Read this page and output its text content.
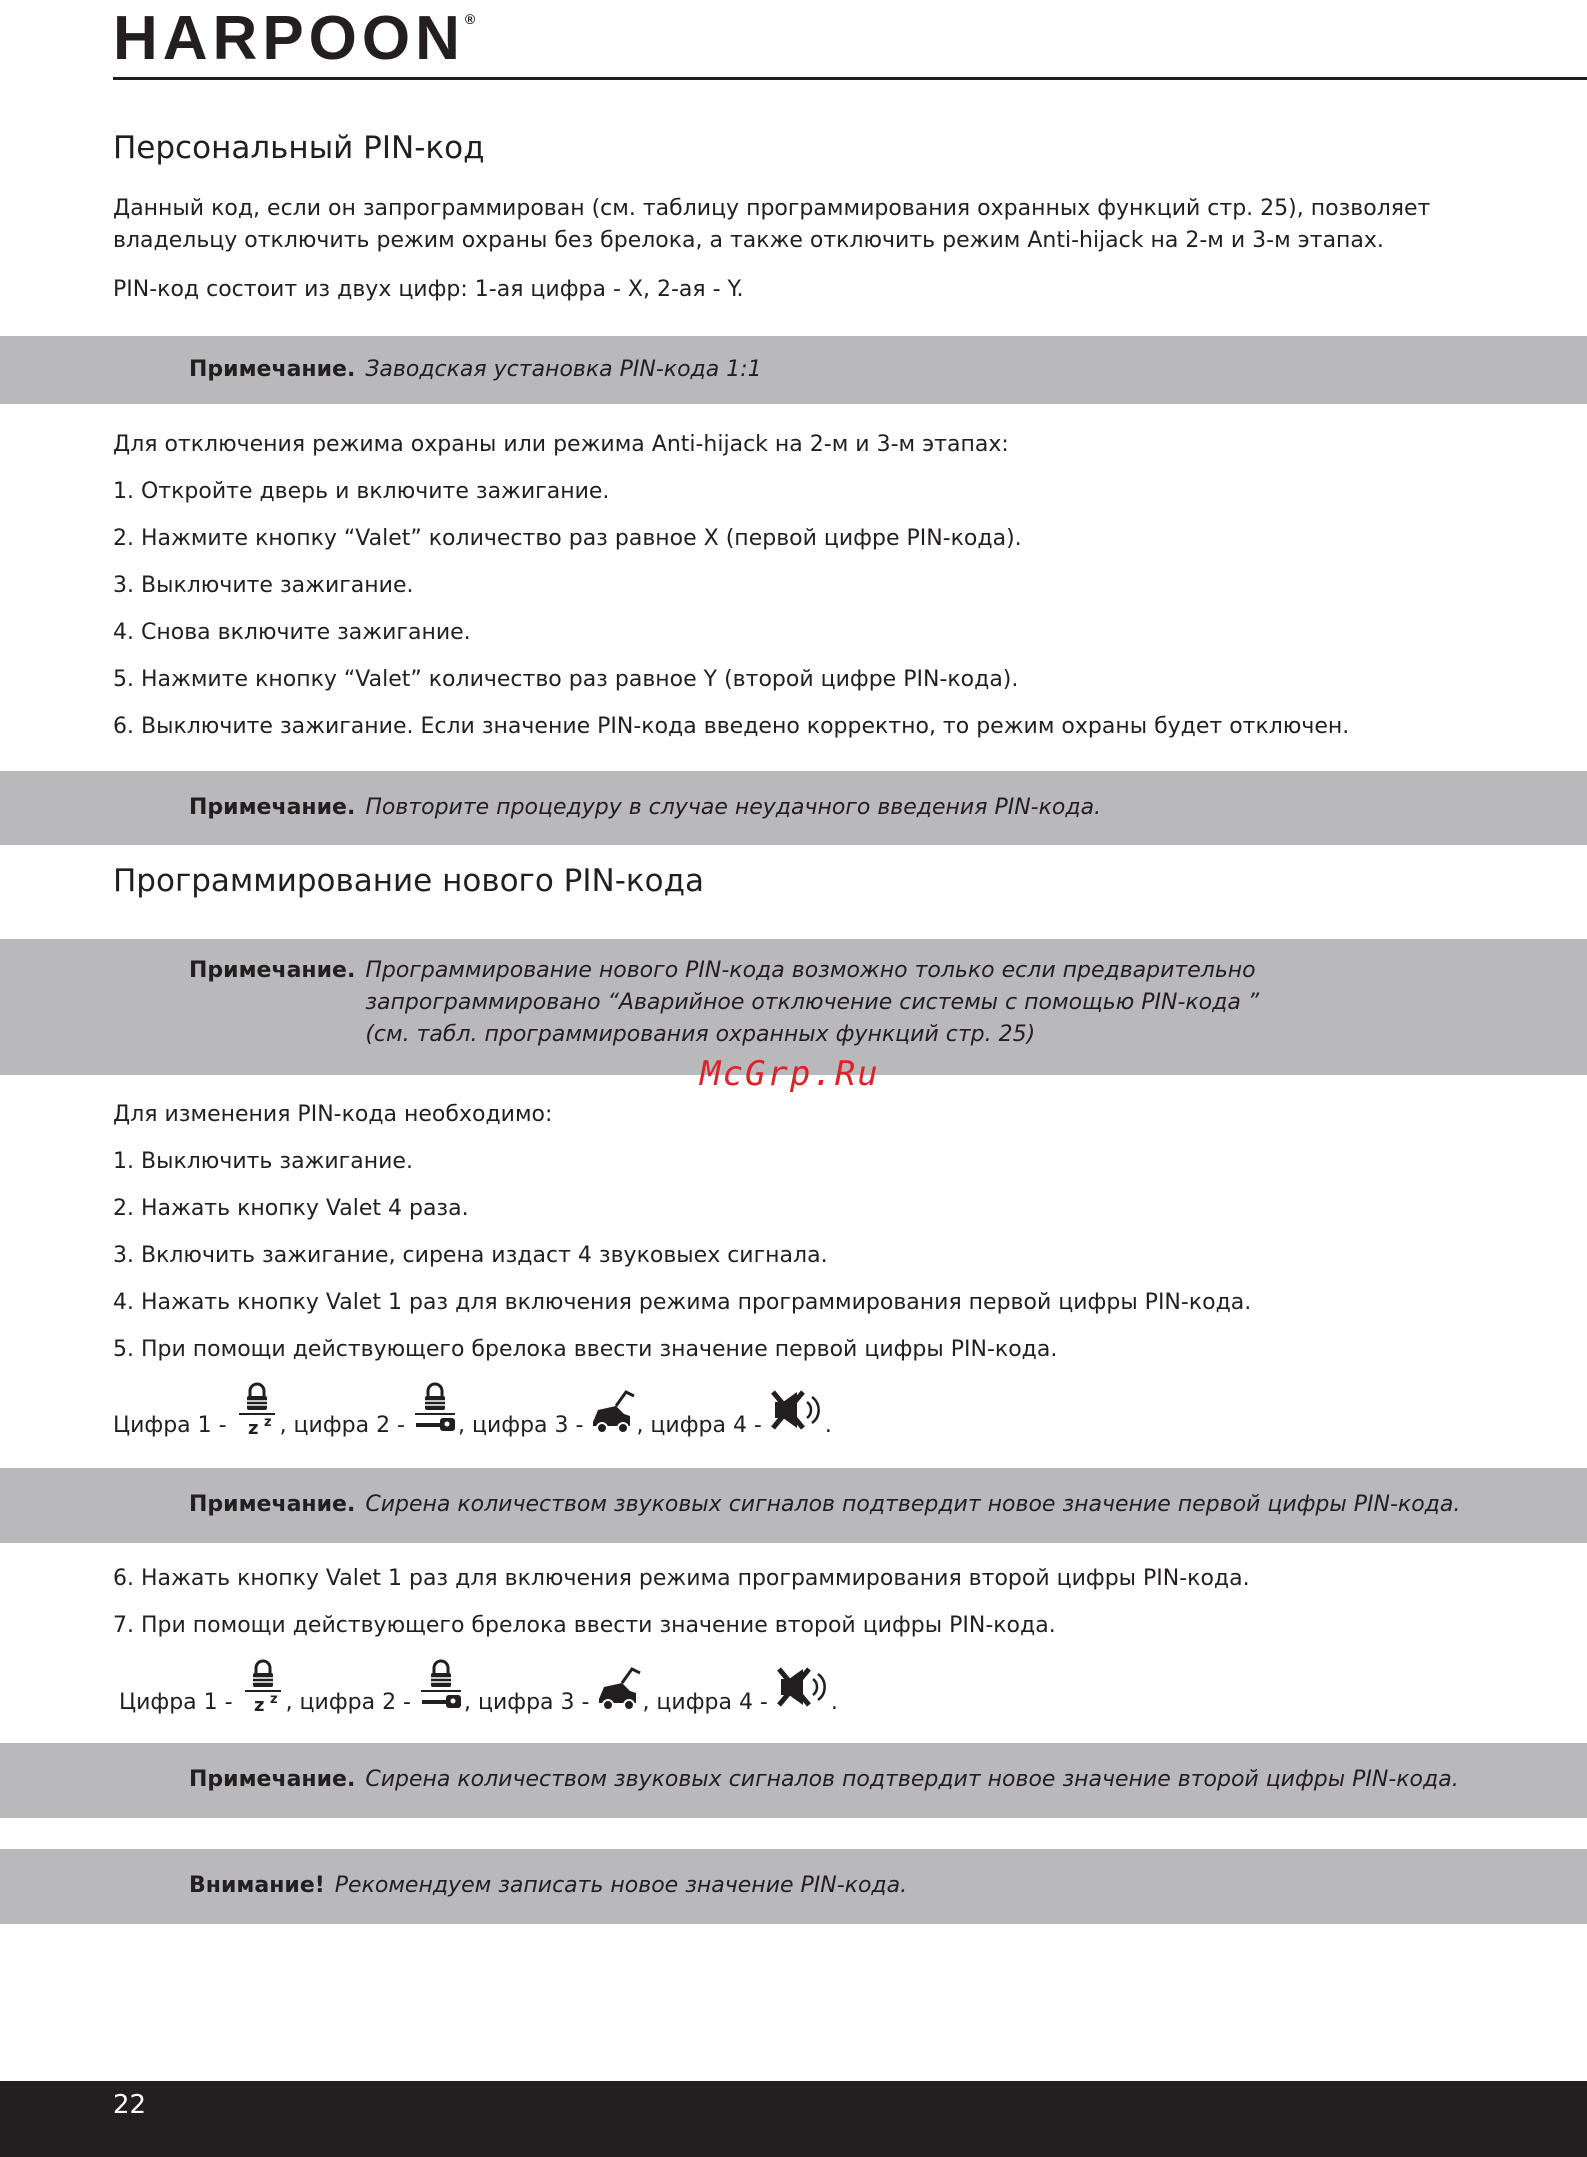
HARPOON®
Персональный PIN-код
Данный код, если он запрограммирован (см. таблицу программирования охранных функций стр. 25), позволяет владельцу отключить режим охраны без брелока, а также отключить режим Anti-hijack на 2-м и 3-м этапах.
PIN-код состоит из двух цифр: 1-ая цифра - X, 2-ая - Y.
Примечание. Заводская установка PIN-кода 1:1
Для отключения режима охраны или режима Anti-hijack на 2-м и 3-м этапах:
1. Откройте дверь и включите зажигание.
2. Нажмите кнопку “Valet” количество раз равное X (первой цифре PIN-кода).
3. Выключите зажигание.
4. Снова включите зажигание.
5. Нажмите кнопку “Valet” количество раз равное Y (второй цифре PIN-кода).
6. Выключите зажигание. Если значение PIN-кода введено корректно, то режим охраны будет отключен.
Примечание. Повторите процедуру в случае неудачного введения PIN-кода.
Программирование нового PIN-кода
Примечание. Программирование нового PIN-кода возможно только если предварительно
запрограммировано “Аварийное отключение системы с помощью PIN-кода ”
(см. табл. программирования охранных функций стр. 25)
McGrp.Ru
Для изменения PIN-кода необходимо:
1. Выключить зажигание.
2. Нажать кнопку Valet 4 раза.
3. Включить зажигание, сирена издаст 4 звуковыех сигнала.
4. Нажать кнопку Valet 1 раз для включения режима программирования первой цифры PIN-кода.
5. При помощи действующего брелока ввести значение первой цифры PIN-кода.
Цифра 1 - z z , цифра 2 - , цифра 3 - , цифра 4 -	.
Примечание. Сирена количеством звуковых сигналов подтвердит новое значение первой цифры PIN-кода.
6. Нажать кнопку Valet 1 раз для включения режима программирования второй цифры PIN-кода.
7. При помощи действующего брелока ввести значение второй цифры PIN-кода.
Цифра 1 - z z , цифра 2 - , цифра 3 - , цифра 4 -	.
Примечание. Сирена количеством звуковых сигналов подтвердит новое значение второй цифры PIN-кода.
Внимание! Рекомендуем записать новое значение PIN-кода.
22
